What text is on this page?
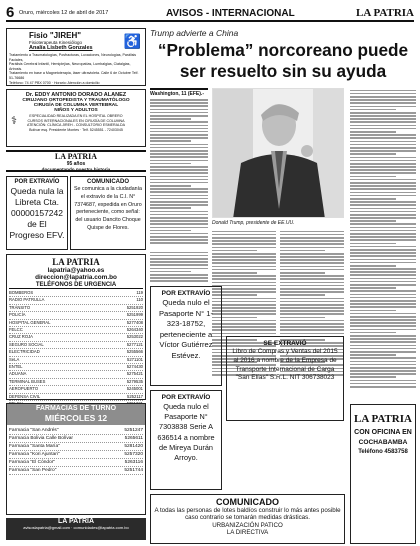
6 Oruro, miércoles 12 de abril de 2017	AVISOS - INTERNACIONAL	LA PATRIA
Fisio "JIREH"
Fisioterapeuta Kinesiólogo
Analía Lisbeth Gonzales	♿
Tratamiento a Traumatologías, Posfracturas, Luxaciones, Neurologías, Parálisis Faciales,
Parálisis Cerebral Infantil, Hemiplejías, Neuropatías, Lumbalgias, Ciatalgias, Artrosis.
Tratamiento en base a Magnetoterapia, láser ultravioleta. Calle 6 de Octubre Telf. 51-76686
Teléfono: 74 47 PBX 0700 · Horario: Atención a domicilio
Dr. EDDY ANTONIO DORADO ALANEZ
CIRUJANO ORTOPEDISTA Y TRAUMATÓLOGO
CIRUGÍA DE COLUMNA VERTEBRAL
NIÑOS Y ADULTOS
⚕	ESPECIALIDAD REALIZADA EN EL HOSPITAL OBRERO
CURSOS INTERNACIONALES EN CIRUGÍA DE COLUMNA
ATENCIÓN: CLÍNICA JIREH - CONSULTORIO ESMERALDA
Bolívar esq. Presidente Montes · Telf. 5245551 - 72403045
LA PATRIA
95 años
documentando nuestra historia
POR EXTRAVÍO
Queda nula la Libreta Cta. 00000157242 de El Progreso EFV.
COMUNICADO
Se comunica a la ciudadanía el extravío de la C.I. N° 7374687, expedida en Oruro perteneciente, como señal: del usuario Dancito Choque Quispe de Flores.
LA PATRIA
lapatria@yahoo.es
direccion@lapatria.com.bo
TELÉFONOS DE URGENCIA
BOMBEROS	119
RADIO PATRULLA	110
TRÁNSITO	5251920
POLICÍA	5251999
HOSPITAL GENERAL	5277408
FELCC	5264340
CRUZ ROJA	5253022
SEGURO SOCIAL	5277121
ELECTRICIDAD	5255566
SeLA	5271101
ENTEL	5274430
ADUANA	5275421
TERMINAL BUSES	5279535
AEROPUERTO	5245001
DEFENSA CIVIL	5252117
FARMACIAS DE TURNO
MIÉRCOLES 12
Farmacia "San Andrés"	5251247
Farmacia Bolivia Calle Bolívar	5265611
Farmacia "Santa María"	5281420
Farmacia "Kori Ajuntari"	5257320
Farmacia "El Cóndor"	5263116
Farmacia "San Pedro"	5251744
LA PATRIA
avisoslapatria@gmail.com · comunidades@lapatria.com.bo
Trump advierte a China
“Problema” norcoreano puede ser resuelto sin su ayuda
Washington, 11 (EFE).-
Donald Trump, presidente de EE.UU.
POR EXTRAVÍO
Queda nulo el Pasaporte N° 1-323-18752, perteneciente a Víctor Gutiérrez Estévez.
SE EXTRAVIÓ
Libro de Compras y Ventas del 2015 al 2016 a nombre de la Empresa de Transporte Internacional de Carga "San Elías" S.R.L. NIT 306738023
POR EXTRAVÍO
Queda nulo el Pasaporte N° 7303838 Serie A 636514 a nombre de Mireya Durán Arroyo.
COMUNICADO
A todas las personas de lotes baldíos construir lo más antes posible caso contrario se tomarán medidas drásticas.
URBANIZACIÓN PATICO
LA DIRECTIVA
LA PATRIA
CON OFICINA EN
COCHABAMBA
Teléfono 4583758
